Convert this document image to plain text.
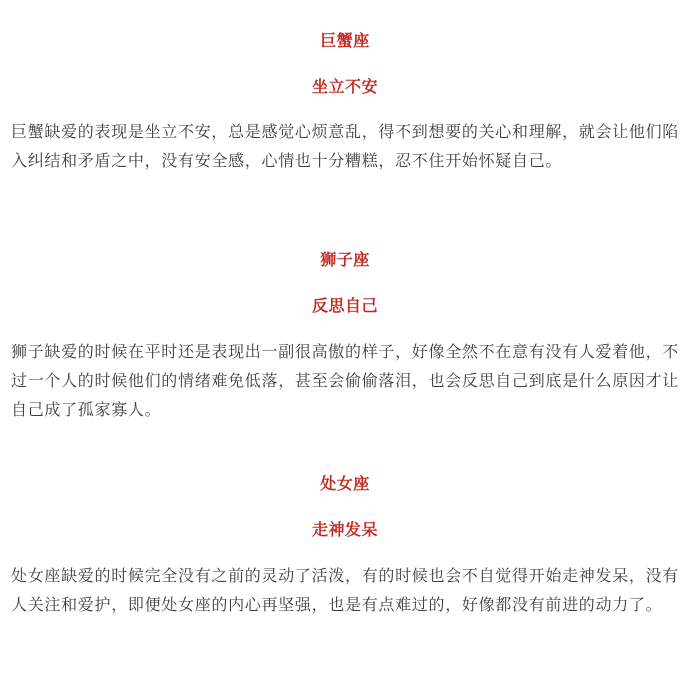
巨蟹座
坐立不安

巨蟹缺爱的表现是坐立不安，总是感觉心烦意乱，得不到想要的关心和理解，就会让他们陷入纠结和矛盾之中，没有安全感，心情也十分糟糕，忍不住开始怀疑自己。

狮子座
反思自己

狮子缺爱的时候在平时还是表现出一副很高傲的样子，好像全然不在意有没有人爱着他，不过一个人的时候他们的情绪难免低落，甚至会偷偷落泪，也会反思自己到底是什么原因才让自己成了孤家寡人。

处女座
走神发呆

处女座缺爱的时候完全没有之前的灵动了活泼，有的时候也会不自觉得开始走神发呆，没有人关注和爱护，即便处女座的内心再坚强，也是有点难过的，好像都没有前进的动力了。
